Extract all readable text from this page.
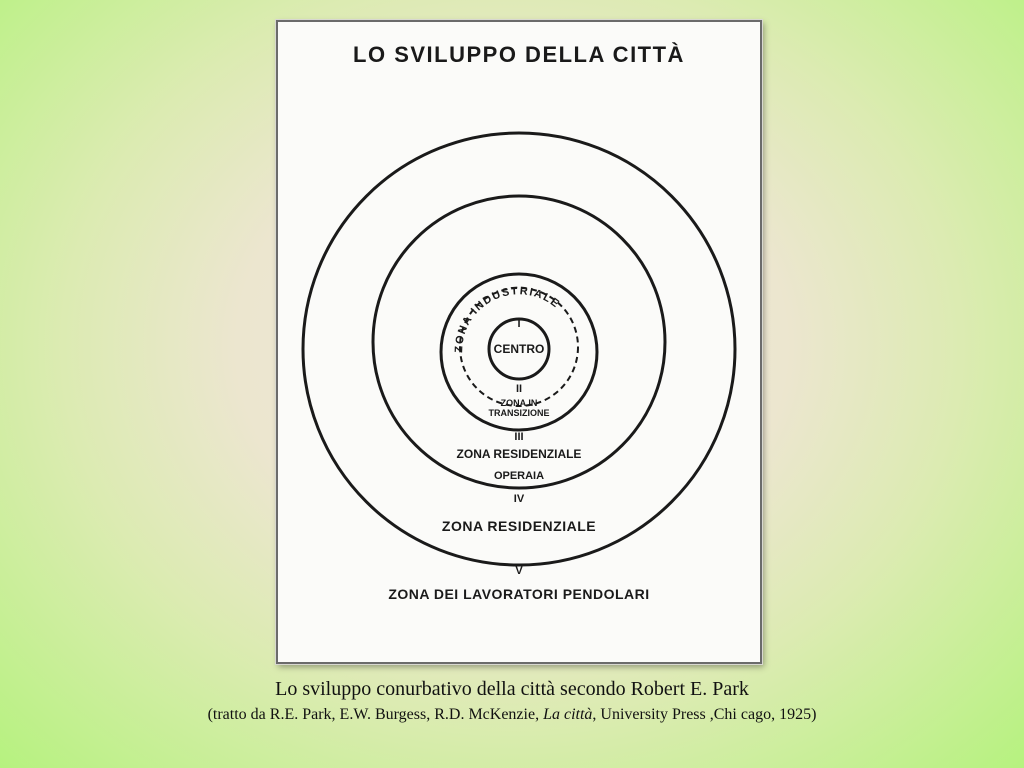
LO SVILUPPO DELLA CITTÀ
ZONA INDUSTRIALE
I
CENTRO
II
ZONA IN
TRANSIZIONE
III
ZONA RESIDENZIALE
OPERAIA
IV
ZONA RESIDENZIALE
V
ZONA DEI LAVORATORI PENDOLARI
Lo sviluppo conurbativo della città secondo Robert E. Park
(tratto da R.E. Park, E.W. Burgess, R.D. McKenzie, La città, University Press ,Chi cago, 1925)
